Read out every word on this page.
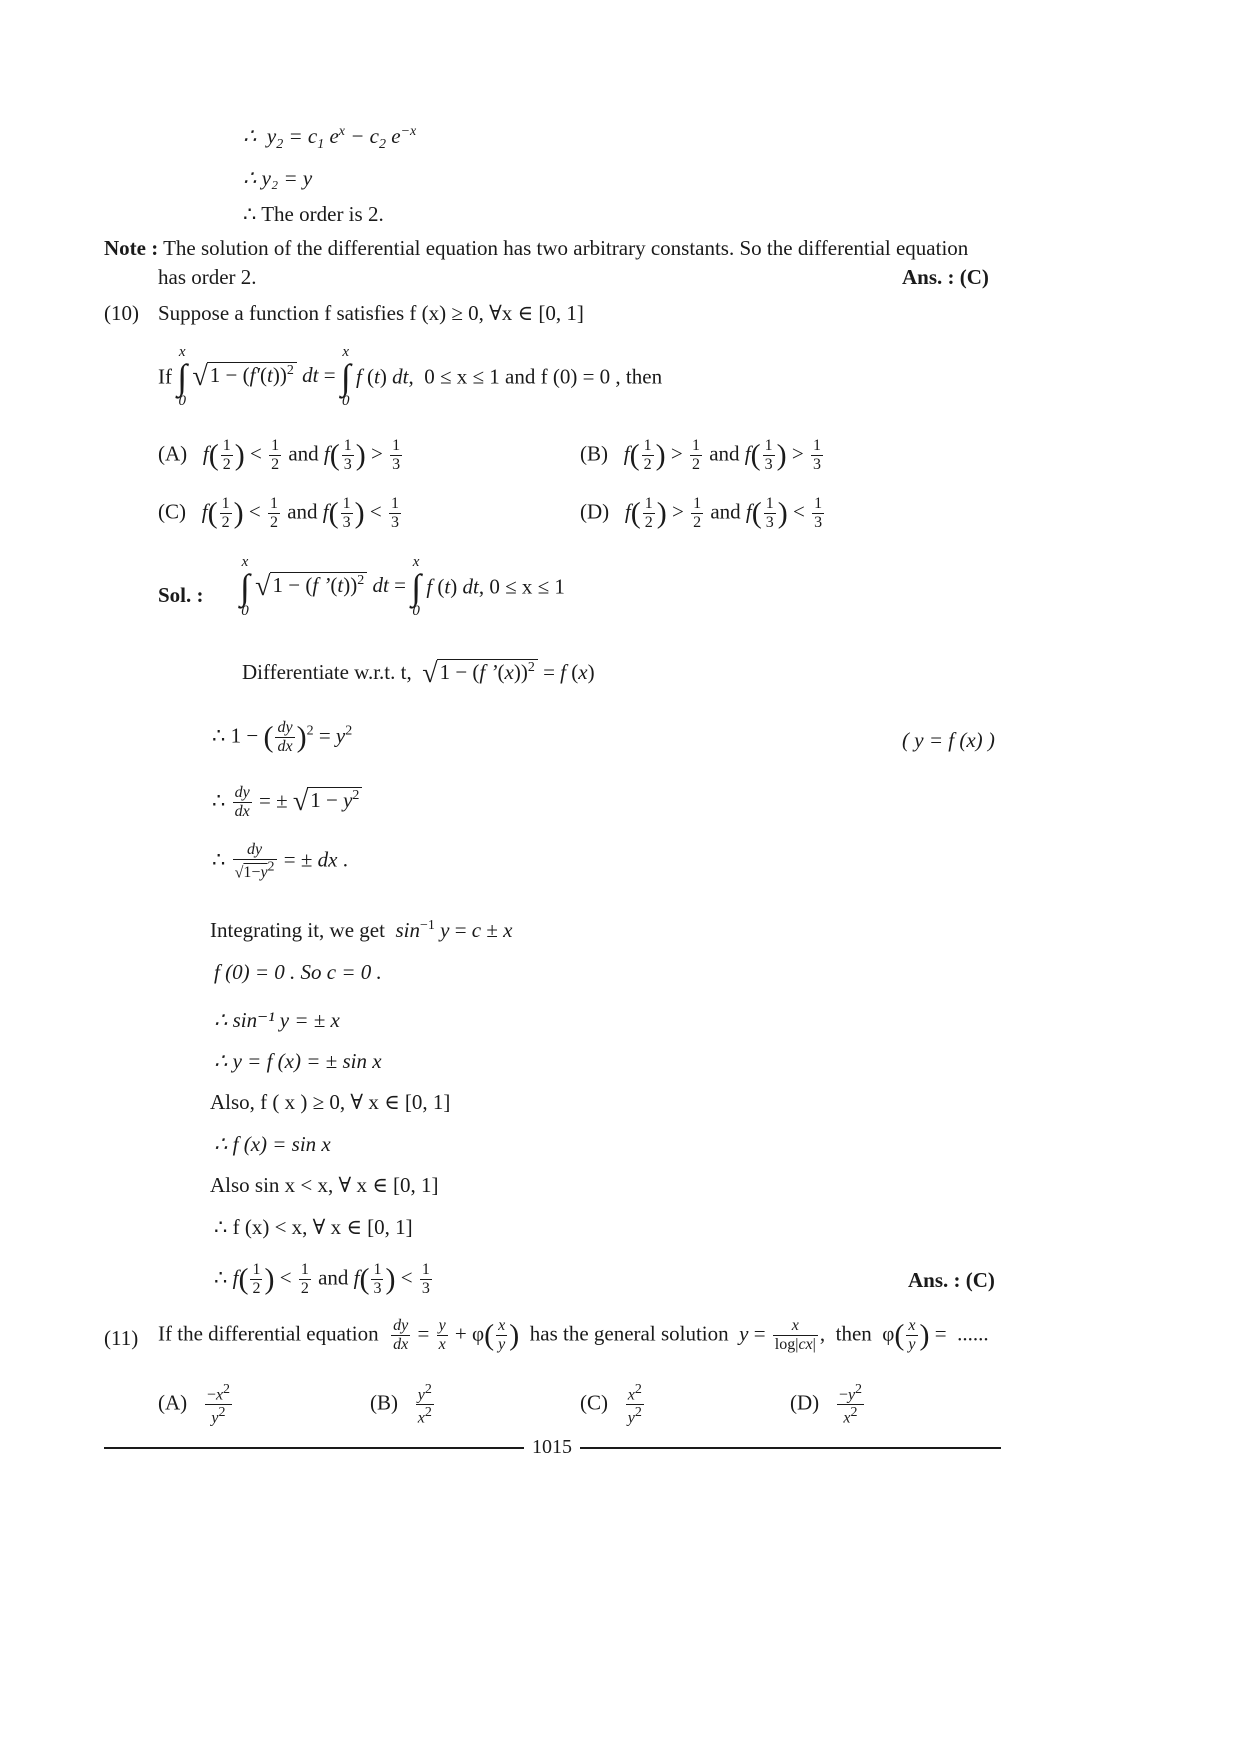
∴  $y_2 = c_1$ $e^x - c_2$ $e^{-x}$
∴ y₂ = y
∴ The order is 2.
Note : The solution of the differential equation has two arbitrary constants. So the differential equation
has order 2.	Ans. : (C)
(10) Suppose a function f satisfies f (x) ≥ 0, ∀x ∈ [0, 1]
If
x
∫
0
$√1 - (f'(t))^2$ dt =
x
∫
0
f (t) dt,  0 ≤ x ≤ 1 and f (0) = 0 , then
(A) $f( \frac{1}{2}$ ) < $\frac{1}{2}$ and $f( \frac{1}{3}$ ) > $\frac{1}{3}$	(B) $f( \frac{1}{2}$ ) > $\frac{1}{2}$ and $f( \frac{1}{3}$ ) > $\frac{1}{3}$
(C) $f( \frac{1}{2}$ ) < $\frac{1}{2}$ and $f( \frac{1}{3}$ ) < $\frac{1}{3}$	(D) $f( \frac{1}{2}$ ) > $\frac{1}{2}$ and $f( \frac{1}{3}$ ) < $\frac{1}{3}$
Sol. :
x
∫
0
√1 − (f ’(t))$^2$ dt =
x
∫
0
f (t) dt, 0 ≤ x ≤ 1
Differentiate w.r.t. t, √1 − (f ’(x))$^2$ = f (x)
∴ 1 − ( $\frac{dy}{dx} )^2 = y^2$	( y = f (x) )
∴ $\frac{dy}{dx}$ = ± $√1 - y^2$
∴ $\frac{dy}{√1-y^2}$ = ± dx .
Integrating it, we get $\sin^{-1} y = c \pm x$
f (0) = 0 . So c = 0 .
∴ sin⁻¹ y = ± x
∴ y = f (x) = ± sin x
Also, f ( x ) ≥ 0, ∀ x ∈ [0, 1]
∴ f (x) = sin x
Also sin x < x, ∀ x ∈ [0, 1]
∴ f (x) < x, ∀ x ∈ [0, 1]
∴ $f( \frac{1}{2}$ ) < $\frac{1}{2}$ and $f( \frac{1}{3}$ ) < $\frac{1}{3}$	Ans. : (C)
(11) If the differential equation $\frac{dy}{dx} = \frac{y}{x} + \varphi( \frac{x}{y}$ ) has the general solution $y = \frac{x}{\log|cx|}$ ,  then  $\varphi( \frac{x}{y}$ ) =  ......
$(A) \frac{-x^2}{y^2}$	$(B) \frac{y^2}{x^2}$	$(C) \frac{x^2}{y^2}$	$(D) \frac{-y^2}{x^2}$
1015
